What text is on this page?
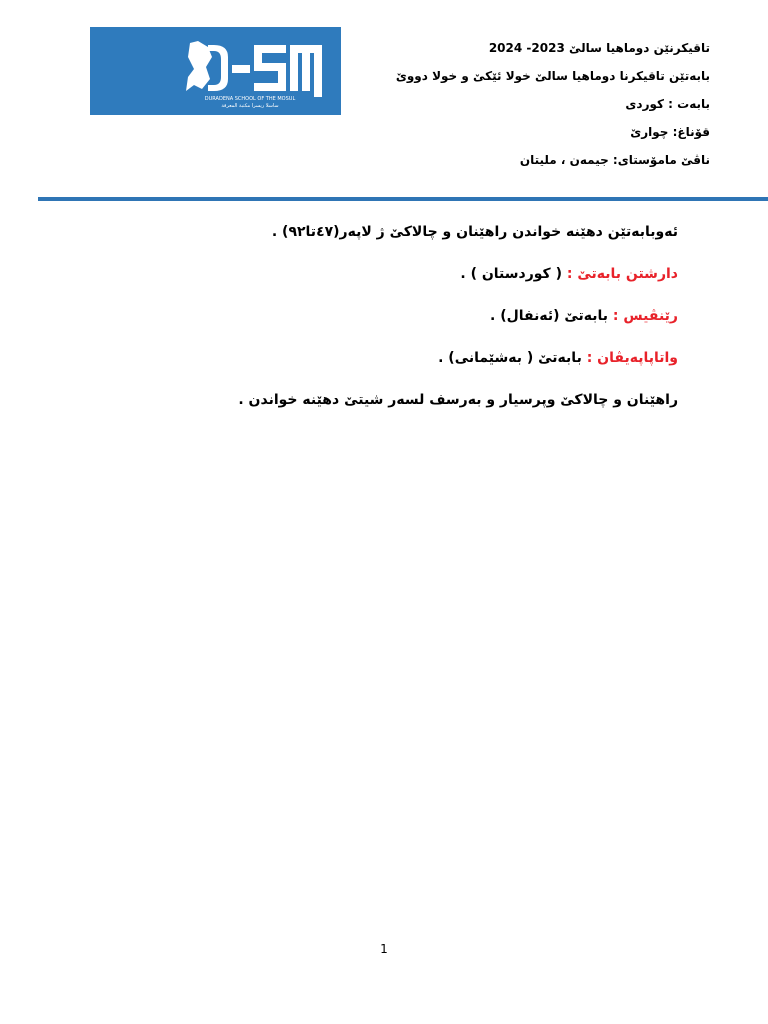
DURADENA SCHOOL OF THE MOSUL
ساسلا ريسرا مكتبة المعرفة
تاقیکرنێن دوماهیا سالێ 2023- 2024
بابەتێن تاقیکرنا دوماهیا سالێ خولا ئێکێ و خولا دووێ
بابەت : کوردی
قۆناغ: چوارێ
ناڤێ مامۆستای: جیمەن ، ملیتان
ئەوبابەتێن دهێنە خواندن راهێنان و چالاكێ ژ لاپەر(٤٧تا٩٢) .
دارشتن بابەتێ : ( کوردستان ) .
رێنڤیس : بابەتێ (ئەنفال) .
واتاپاپەیڤان : بابەتێ ( بەشێمانی) .
راهێنان و چالاكێ وپرسیار و بەرسف لسەر شیتێ دهێنە خواندن .
1
